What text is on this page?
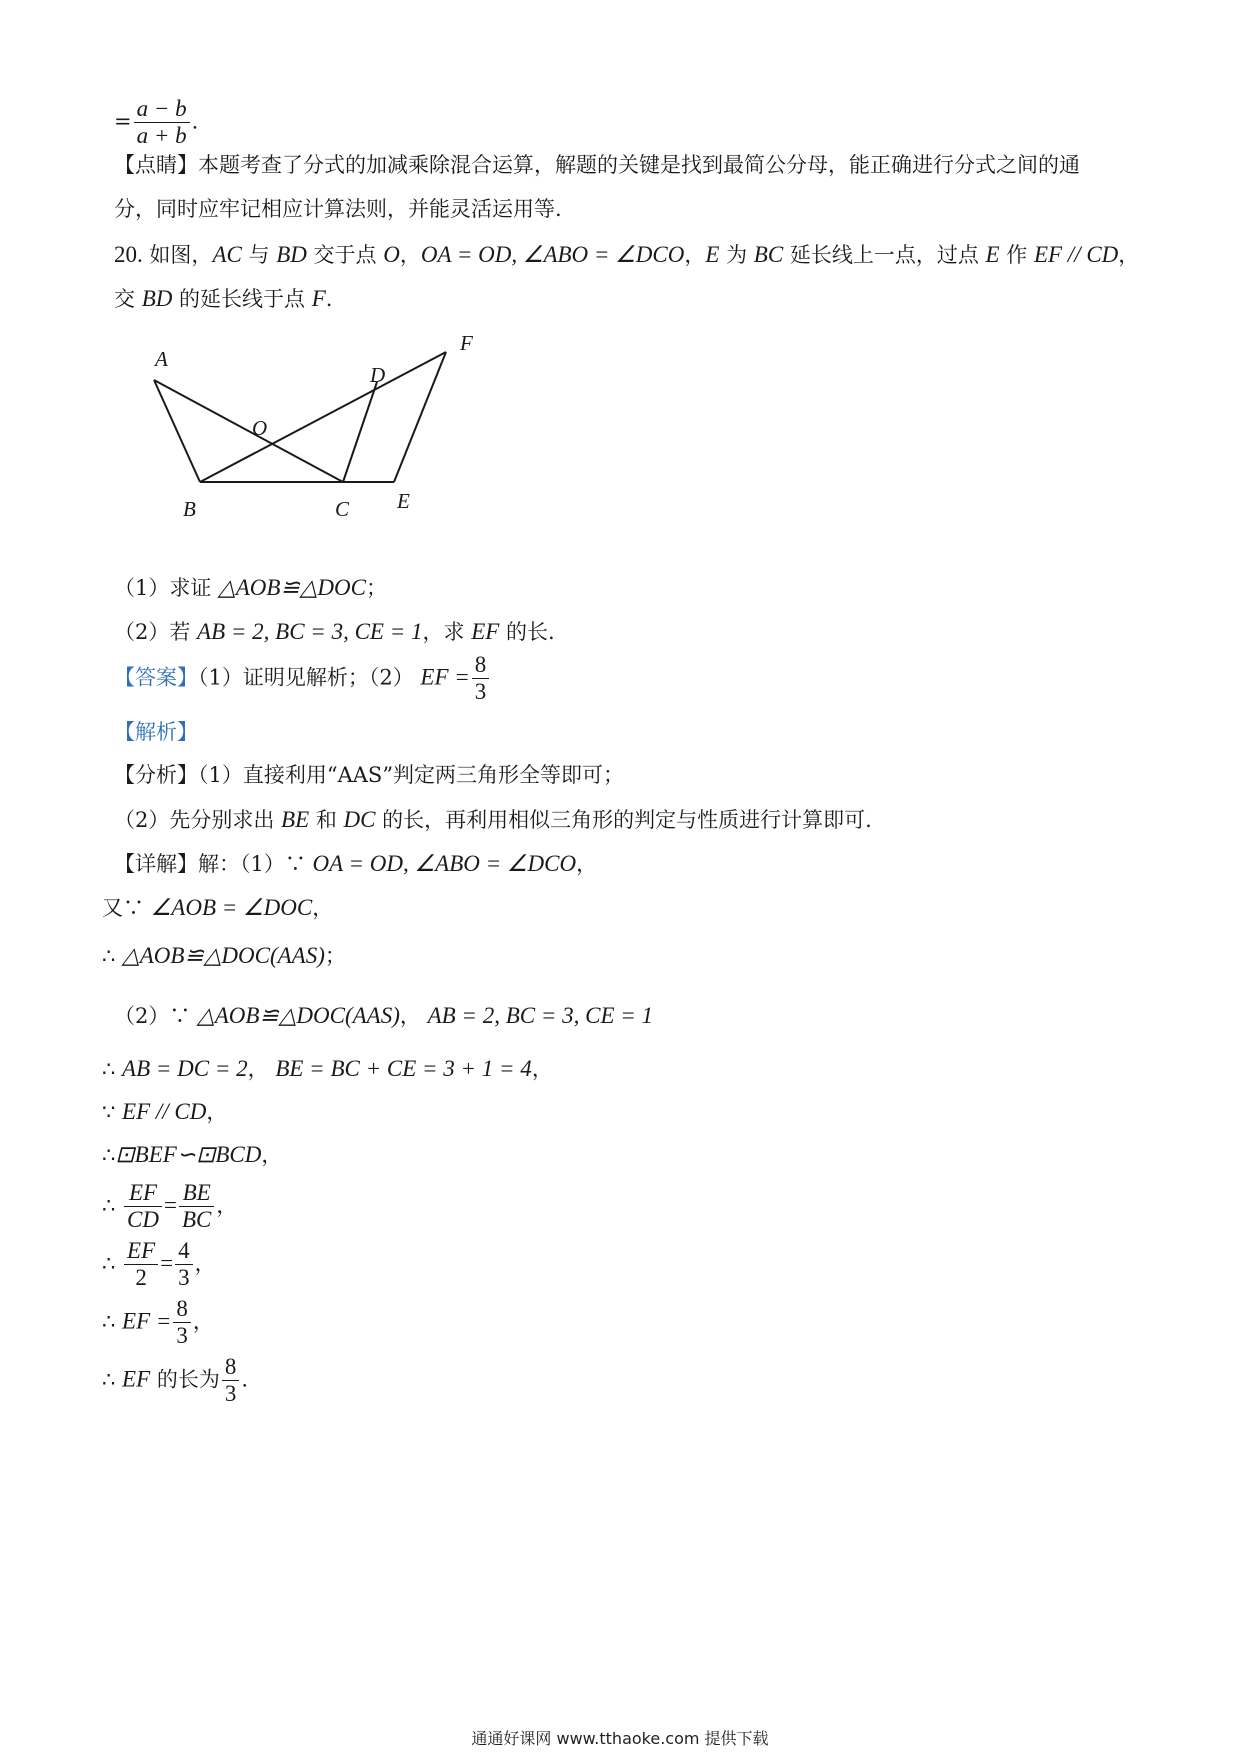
= $\frac{a - b}{a + b}$ .
【点睛】本题考查了分式的加减乘除混合运算，解题的关键是找到最简公分母，能正确进行分式之间的通
分，同时应牢记相应计算法则，并能灵活运用等.
20. 如图，AC 与 BD 交于点 O，OA = OD, ∠ABO = ∠DCO，E 为 BC 延长线上一点，过点 E 作 EF // CD，
交 BD 的延长线于点 F.
A
B	C
D
E
F
O
（1）求证 △AOB≌△DOC；
（2）若 AB = 2, BC = 3, CE = 1，求 EF 的长.
【答案】（1）证明见解析；（2） EF = $\frac{8}{3}$
【解析】
【分析】（1）直接利用“AAS”判定两三角形全等即可；
（2）先分别求出 BE 和 DC 的长，再利用相似三角形的判定与性质进行计算即可.
【详解】解：（1）∵ OA = OD, ∠ABO = ∠DCO，
又∵ ∠AOB = ∠DOC，
∴ △AOB≌△DOC(AAS)；
（2）∵ △AOB≌△DOC(AAS)， AB = 2, BC = 3, CE = 1
∴ AB = DC = 2， BE = BC + CE = 3 + 1 = 4，
∵ EF // CD，
∴⊡BEF∽⊡BCD，
∴ $\frac{EF}{CD} = \frac{BE}{BC}$ ，
∴ $\frac{EF}{2} = \frac{4}{3}$ ，
∴ EF = $\frac{8}{3}$ ，
∴ EF 的长为 $\frac{8}{3}$ .
通通好课网 www.tthaoke.com 提供下载
